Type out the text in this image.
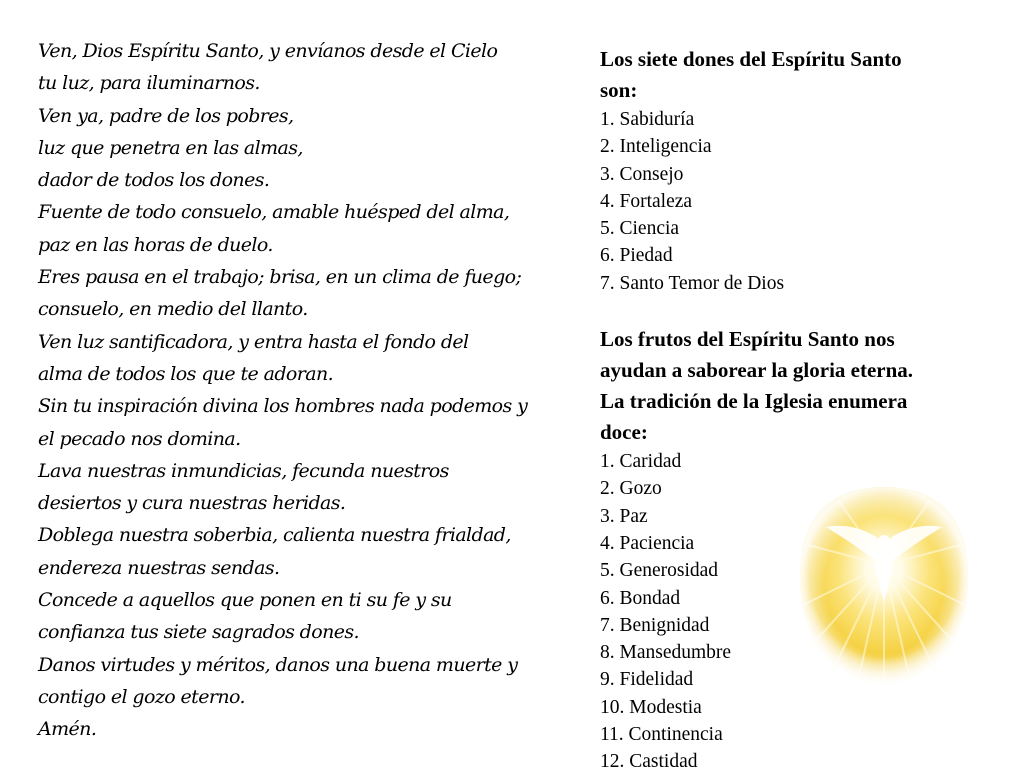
Ven, Dios Espíritu Santo, y envíanos desde el Cielo
tu luz, para iluminarnos.
Ven ya, padre de los pobres,
luz que penetra en las almas,
dador de todos los dones.
Fuente de todo consuelo, amable huésped del alma,
paz en las horas de duelo.
Eres pausa en el trabajo; brisa, en un clima de fuego;
consuelo, en medio del llanto.
Ven luz santificadora, y entra hasta el fondo del
alma de todos los que te adoran.
Sin tu inspiración divina los hombres nada podemos y
el pecado nos domina.
Lava nuestras inmundicias, fecunda nuestros
desiertos y cura nuestras heridas.
Doblega nuestra soberbia, calienta nuestra frialdad,
endereza nuestras sendas.
Concede a aquellos que ponen en ti su fe y su
confianza tus siete sagrados dones.
Danos virtudes y méritos, danos una buena muerte y
contigo el gozo eterno.
Amén.

Los siete dones del Espíritu Santo
son:

1. Sabiduría
2. Inteligencia
3. Consejo
4. Fortaleza
5. Ciencia
6. Piedad
7. Santo Temor de Dios

Los frutos del Espíritu Santo nos
ayudan a saborear la gloria eterna.
La tradición de la Iglesia enumera
doce:

1. Caridad
2. Gozo
3. Paz
4. Paciencia
5. Generosidad
6. Bondad
7. Benignidad
8. Mansedumbre
9. Fidelidad
10. Modestia
11. Continencia
12. Castidad
